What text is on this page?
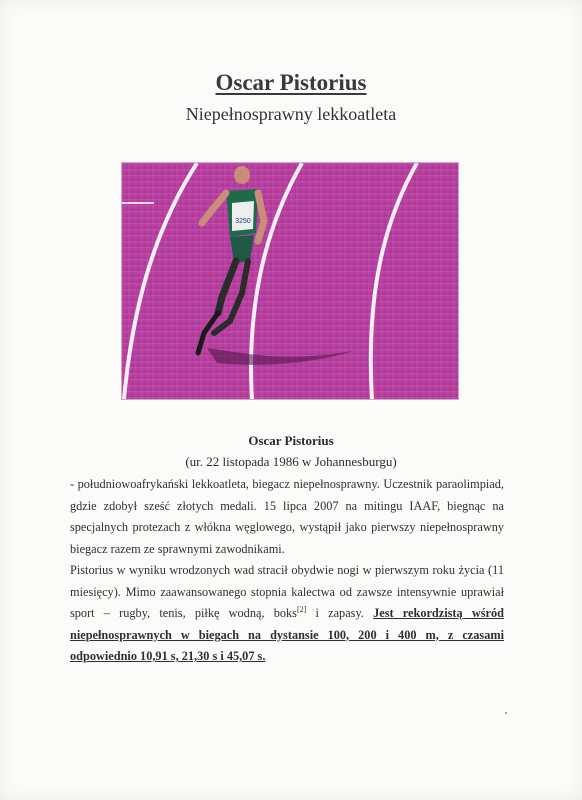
Oscar Pistorius
Niepełnosprawny lekkoatleta
3250
Oscar Pistorius
(ur. 22 listopada 1986 w Johannesburgu)

- południowoafrykański lekkoatleta, biegacz niepełnosprawny. Uczestnik paraolimpiad, gdzie zdobył sześć złotych medali. 15 lipca 2007 na mitingu IAAF, biegnąc na specjalnych protezach z włókna węglowego, wystąpił jako pierwszy niepełnosprawny biegacz razem ze sprawnymi zawodnikami.

Pistorius w wyniku wrodzonych wad stracił obydwie nogi w pierwszym roku życia (11 miesięcy). Mimo zaawansowanego stopnia kalectwa od zawsze intensywnie uprawiał sport – rugby, tenis, piłkę wodną, boks[2] i zapasy. Jest rekordzistą wśród niepełnosprawnych w biegach na dystansie 100, 200 i 400 m, z czasami odpowiednio 10,91 s, 21,30 s i 45,07 s.
